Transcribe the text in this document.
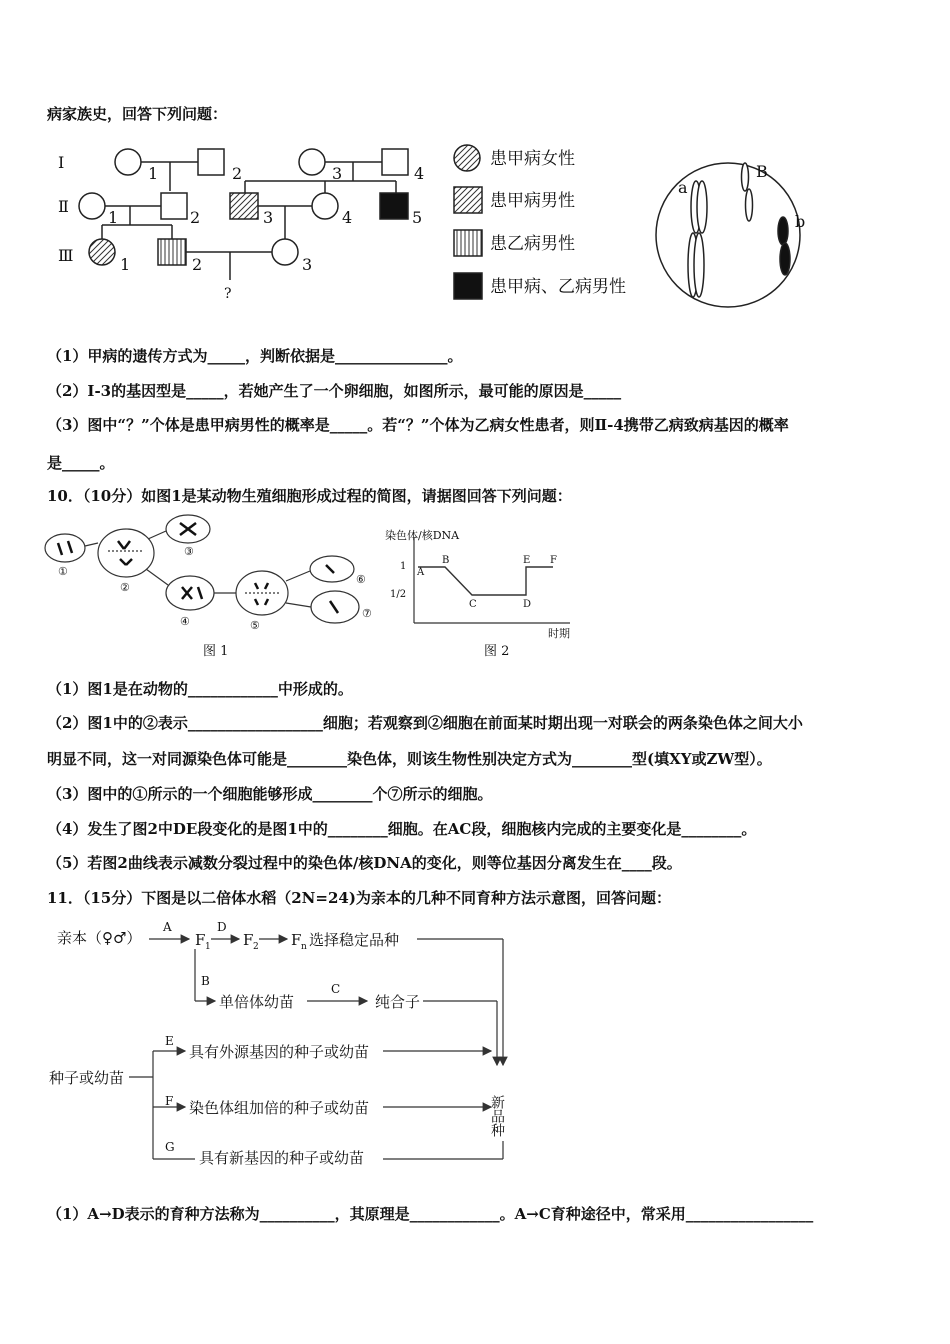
病家族史，回答下列问题：
Ⅰ
Ⅱ
Ⅲ
1	2	3	4
1	2	3	4	5
1	2	3
?
患甲病女性
患甲病男性
患乙病男性
患甲病、乙病男性
a
B
b
（1）甲病的遗传方式为_____，判断依据是_______________。
（2）Ⅰ-3的基因型是_____，若她产生了一个卵细胞，如图所示，最可能的原因是_____
（3）图中“？”个体是患甲病男性的概率是_____。若“？”个体为乙病女性患者，则Ⅱ-4携带乙病致病基因的概率
是_____。
10．（10分）如图1是某动物生殖细胞形成过程的简图，请据图回答下列问题：
①
②
③
④	⑤
⑥
⑦
图 1
染色体/核DNA
时期
1
1/2
A
B
C	D
E F
图 2
（1）图1是在动物的____________中形成的。
（2）图1中的②表示__________________细胞；若观察到②细胞在前面某时期出现一对联会的两条染色体之间大小
明显不同，这一对同源染色体可能是________染色体，则该生物性别决定方式为________型(填XY或ZW型）。
（3）图中的①所示的一个细胞能够形成________个⑦所示的细胞。
（4）发生了图2中DE段变化的是图1中的________细胞。在AC段，细胞核内完成的主要变化是________。
（5）若图2曲线表示减数分裂过程中的染色体/核DNA的变化，则等位基因分离发生在____段。
11．（15分）下图是以二倍体水稻（2N=24)为亲本的几种不同育种方法示意图，回答问题：
亲本（♀♂）
A
F 1
D
F 2 F n 选择稳定品种
B
单倍体幼苗
C
纯合子
E
具有外源基因的种子或幼苗
种子或幼苗
F 染色体组加倍的种子或幼苗
G
具有新基因的种子或幼苗
新品种
（1）A→D表示的育种方法称为__________，其原理是____________。A→C育种途径中，常采用_________________
